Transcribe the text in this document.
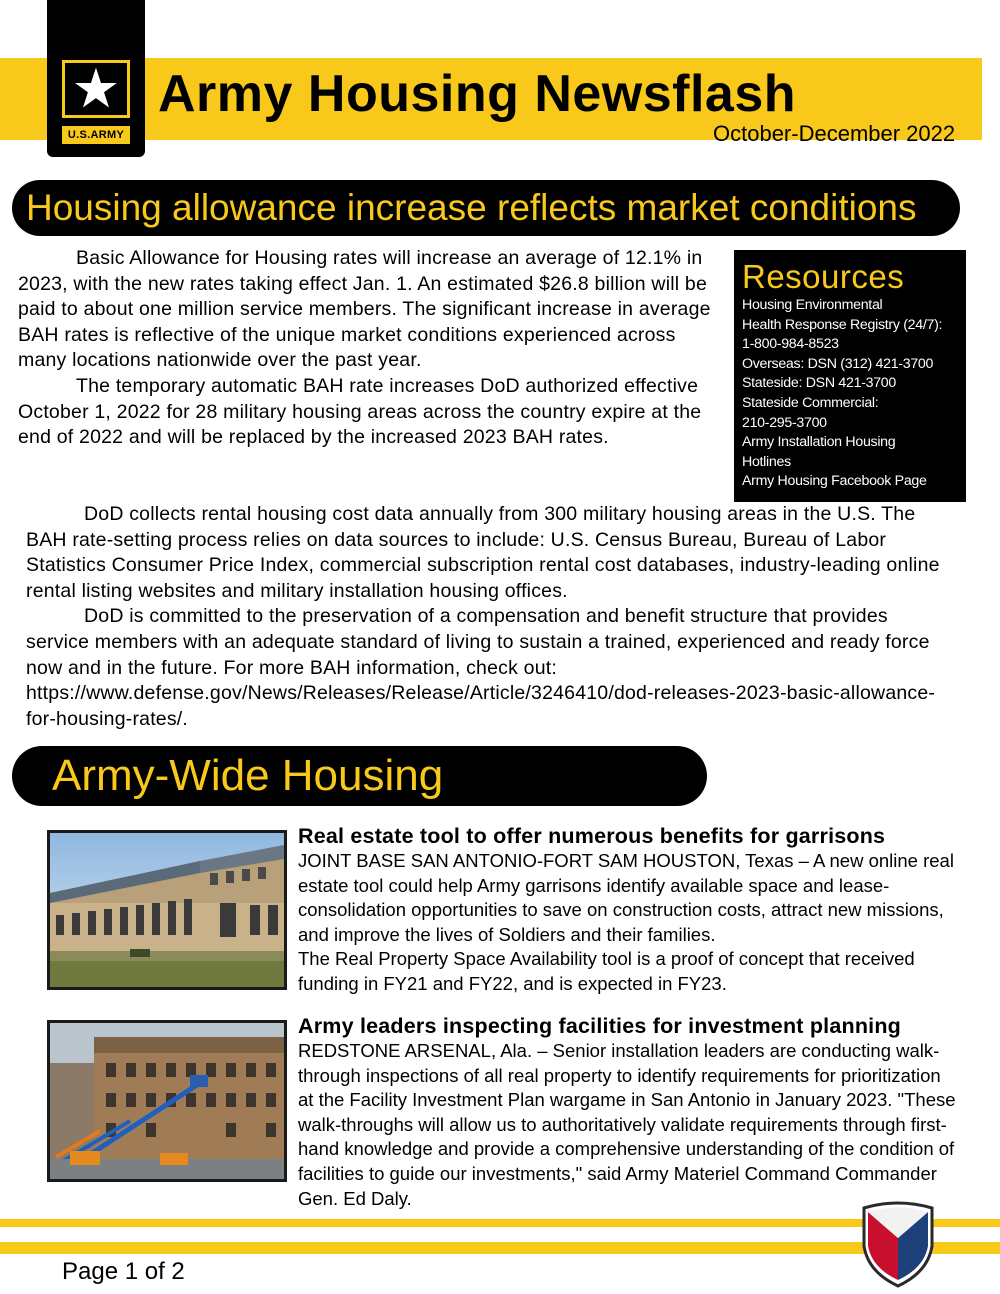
★
U.S.ARMY
Army Housing Newsflash
October-December 2022
Housing allowance increase reflects market conditions

Basic Allowance for Housing rates will increase an average of 12.1% in 2023, with the new rates taking effect Jan. 1. An estimated $26.8 billion will be paid to about one million service members. The significant increase in average BAH rates is reflective of the unique market conditions experienced across many locations nationwide over the past year.

The temporary automatic BAH rate increases DoD authorized effective October 1, 2022 for 28 military housing areas across the country expire at the end of 2022 and will be replaced by the increased 2023 BAH rates.

DoD collects rental housing cost data annually from 300 military housing areas in the U.S. The BAH rate-setting process relies on data sources to include: U.S. Census Bureau, Bureau of Labor Statistics Consumer Price Index, commercial subscription rental cost databases, industry-leading online rental listing websites and military installation housing offices.

DoD is committed to the preservation of a compensation and benefit structure that provides service members with an adequate standard of living to sustain a trained, experienced and ready force now and in the future. For more BAH information, check out: https://www.defense.gov/News/Releases/Release/Article/3246410/dod-releases-2023-basic-allowance-for-housing-rates/.

Resources
Housing Environmental
Health Response Registry (24/7):
1-800-984-8523
Overseas: DSN (312) 421-3700
Stateside: DSN 421-3700
Stateside Commercial:
210-295-3700
Army Installation Housing
Hotlines
Army Housing Facebook Page
Army-Wide Housing
Real estate tool to offer numerous benefits for garrisons

JOINT BASE SAN ANTONIO-FORT SAM HOUSTON, Texas – A new online real estate tool could help Army garrisons identify available space and lease-consolidation opportunities to save on construction costs, attract new missions, and improve the lives of Soldiers and their families.

The Real Property Space Availability tool is a proof of concept that received funding in FY21 and FY22, and is expected in FY23.

Army leaders inspecting facilities for investment planning

REDSTONE ARSENAL, Ala. – Senior installation leaders are conducting walk-through inspections of all real property to identify requirements for prioritization at the Facility Investment Plan wargame in San Antonio in January 2023. "These walk-throughs will allow us to authoritatively validate requirements through first-hand knowledge and provide a comprehensive understanding of the condition of facilities to guide our investments," said Army Materiel Command Commander Gen. Ed Daly.

Page 1 of 2
